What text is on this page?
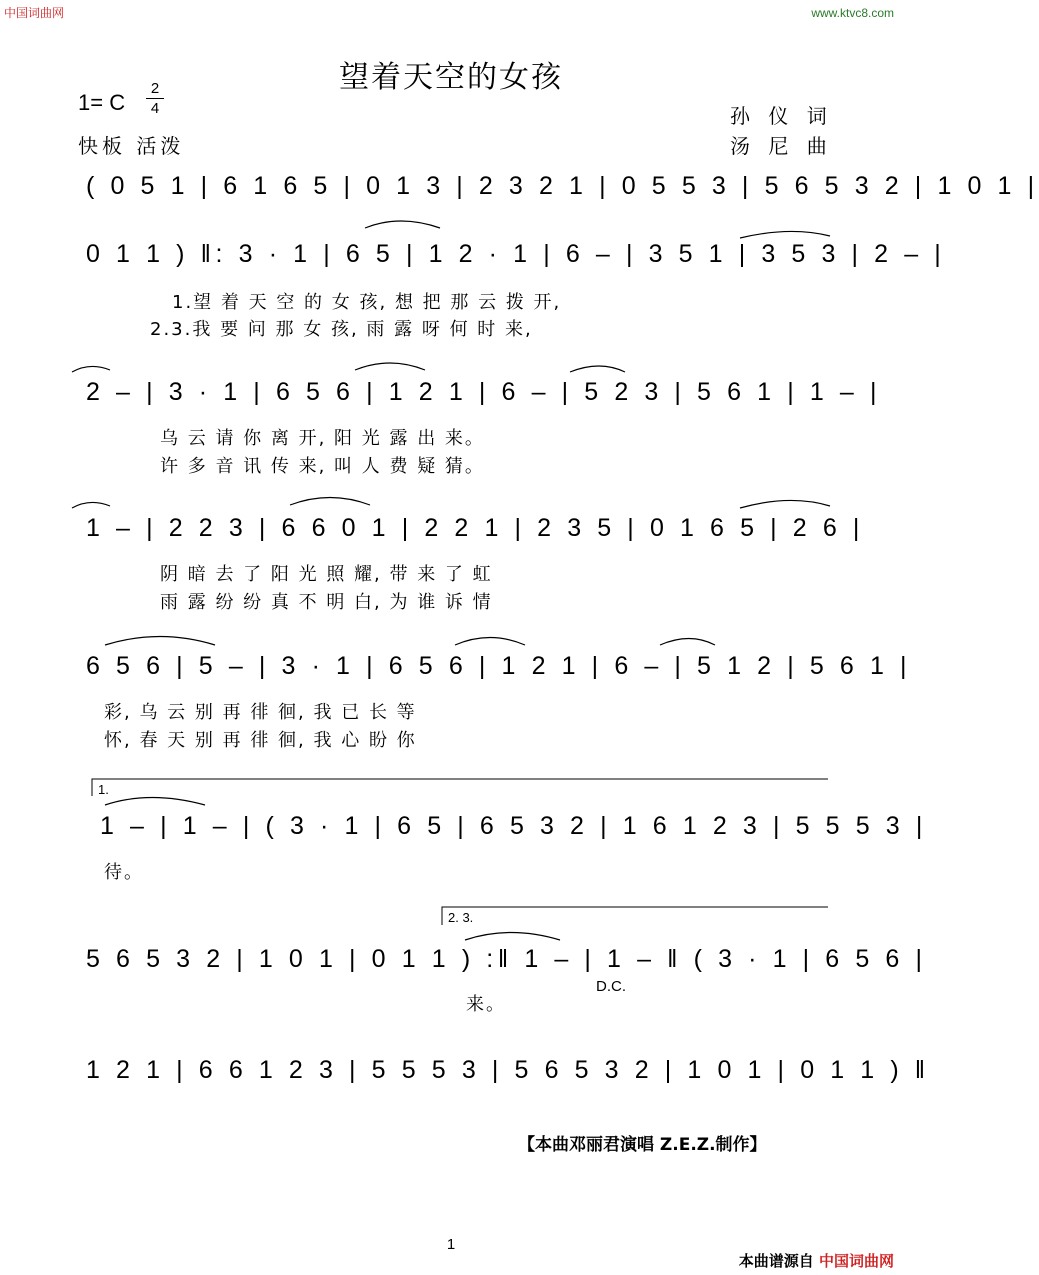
中国词曲网	www.ktvc8.com
望着天空的女孩
1= C
2
4
快板 活泼
孙 仪 词
汤 尼 曲
( 0 5 1 | 6 1 6 5 | 0 1 3 | 2 3 2 1 | 0 5 5 3 | 5 6 5 3 2 | 1 0 1 |
0 1 1 ) ‖: 3 · 1 | 6 5 | 1 2 · 1 | 6 – | 3 5 1 | 3 5 3 | 2 – |
1.望 着 天 空 的 女 孩, 想 把 那 云 拨 开,
2.3.我 要 问 那 女 孩, 雨 露 呀 何 时 来,
2 – | 3 · 1 | 6 5 6 | 1 2 1 | 6 – | 5 2 3 | 5 6 1 | 1 – |
乌 云 请 你 离 开, 阳 光 露 出 来。
许 多 音 讯 传 来, 叫 人 费 疑 猜。
1 – | 2 2 3 | 6 6 0 1 | 2 2 1 | 2 3 5 | 0 1 6 5 | 2 6 |
阴 暗 去 了 阳 光 照 耀, 带 来 了 虹
雨 露 纷 纷 真 不 明 白, 为 谁 诉 情
6 5 6 | 5 – | 3 · 1 | 6 5 6 | 1 2 1 | 6 – | 5 1 2 | 5 6 1 |
彩, 乌 云 别 再 徘 徊, 我 已 长 等
怀, 春 天 别 再 徘 徊, 我 心 盼 你
1.
1 – | 1 – | ( 3 · 1 | 6 5 | 6 5 3 2 | 1 6 1 2 3 | 5 5 5 3 |
待。
2. 3.
5 6 5 3 2 | 1 0 1 | 0 1 1 ) :‖ 1 – | 1 – ‖ ( 3 · 1 | 6 5 6 |
来。
D.C.
1 2 1 | 6 6 1 2 3 | 5 5 5 3 | 5 6 5 3 2 | 1 0 1 | 0 1 1 ) ‖
【本曲邓丽君演唱 Z.E.Z.制作】
1
本曲谱源自 中国词曲网
